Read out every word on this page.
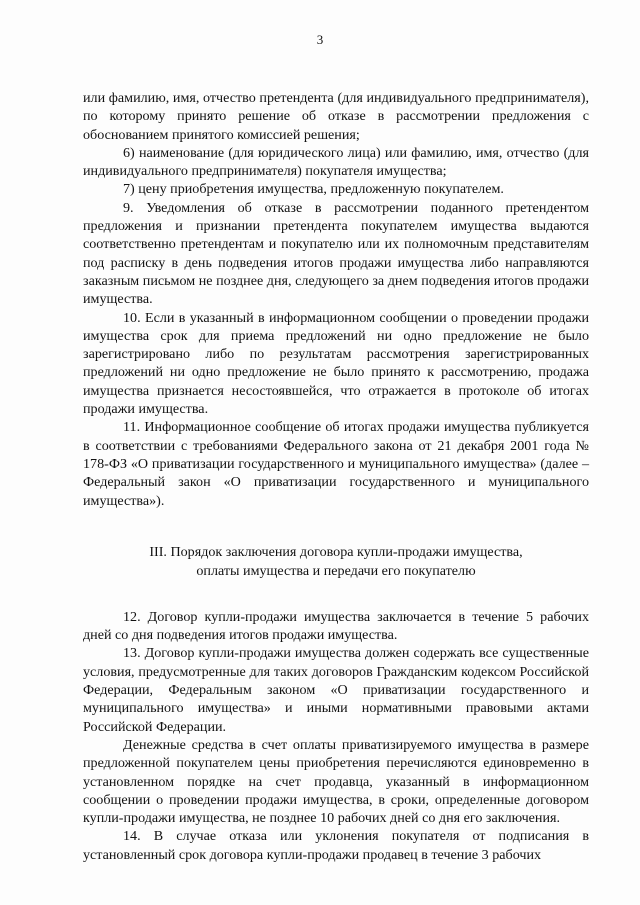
3

или фамилию, имя, отчество претендента (для индивидуального предпринимателя), по которому принято решение об отказе в рассмотрении предложения с обоснованием принятого комиссией решения;

6) наименование (для юридического лица) или фамилию, имя, отчество (для индивидуального предпринимателя) покупателя имущества;

7) цену приобретения имущества, предложенную покупателем.

9. Уведомления об отказе в рассмотрении поданного претендентом предложения и признании претендента покупателем имущества выдаются соответственно претендентам и покупателю или их полномочным представителям под расписку в день подведения итогов продажи имущества либо направляются заказным письмом не позднее дня, следующего за днем подведения итогов продажи имущества.

10. Если в указанный в информационном сообщении о проведении продажи имущества срок для приема предложений ни одно предложение не было зарегистрировано либо по результатам рассмотрения зарегистрированных предложений ни одно предложение не было принято к рассмотрению, продажа имущества признается несостоявшейся, что отражается в протоколе об итогах продажи имущества.

11. Информационное сообщение об итогах продажи имущества публикуется в соответствии с требованиями Федерального закона от 21 декабря 2001 года № 178-ФЗ «О приватизации государственного и муниципального имущества» (далее – Федеральный закон «О приватизации государственного и муниципального имущества»).

III. Порядок заключения договора купли-продажи имущества,
оплаты имущества и передачи его покупателю

12. Договор купли-продажи имущества заключается в течение 5 рабочих дней со дня подведения итогов продажи имущества.

13. Договор купли-продажи имущества должен содержать все существенные условия, предусмотренные для таких договоров Гражданским кодексом Российской Федерации, Федеральным законом «О приватизации государственного и муниципального имущества» и иными нормативными правовыми актами Российской Федерации.

Денежные средства в счет оплаты приватизируемого имущества в размере предложенной покупателем цены приобретения перечисляются единовременно в установленном порядке на счет продавца, указанный в информационном сообщении о проведении продажи имущества, в сроки, определенные договором купли-продажи имущества, не позднее 10 рабочих дней со дня его заключения.

14. В случае отказа или уклонения покупателя от подписания в установленный срок договора купли-продажи продавец в течение 3 рабочих
